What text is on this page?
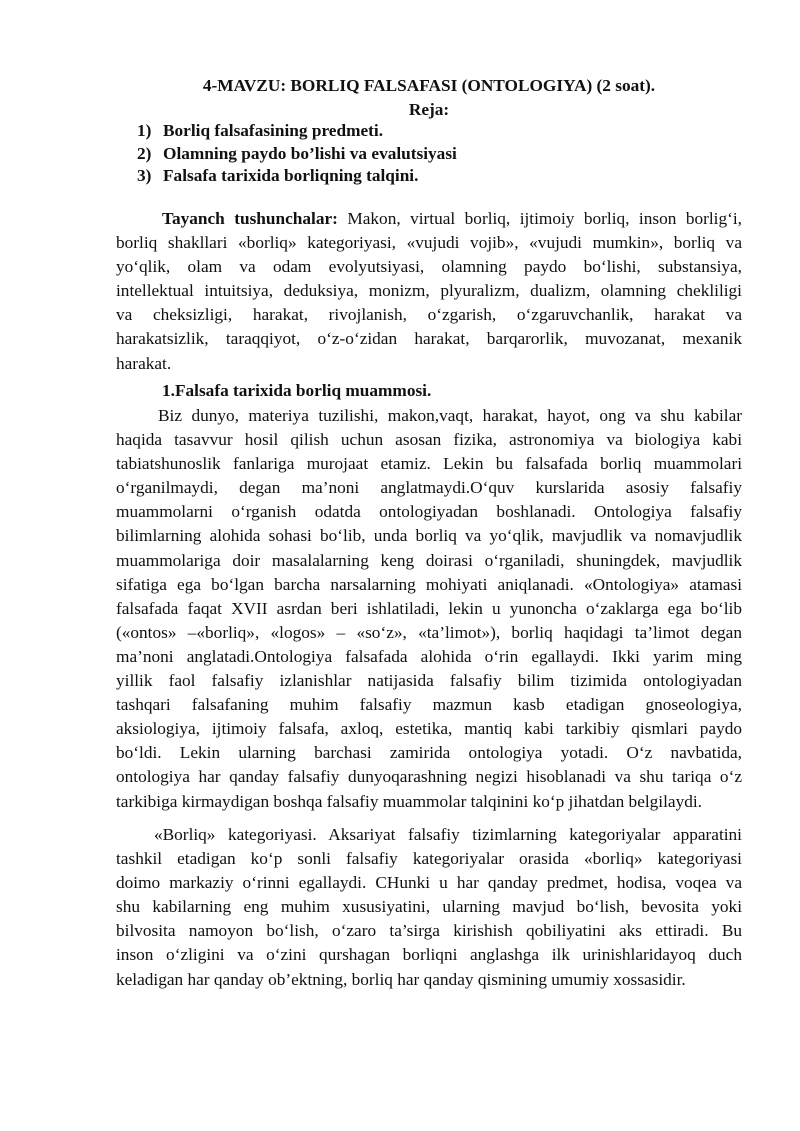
4-MAVZU: BORLIQ FALSAFASI (ONTOLOGIYA) (2 soat).
Reja:
1) Borliq falsafasining predmeti.
2) Olamning paydo bo’lishi va evalutsiyasi
3) Falsafa tarixida borliqning talqini.
Tayanch tushunchalar: Makon, virtual borliq, ijtimoiy borliq, inson borlig‘i,
borliq shakllari «borliq» kategoriyasi, «vujudi vojib», «vujudi mumkin», borliq va
yo‘qlik, olam va odam evolyutsiyasi, olamning paydo bo‘lishi, substansiya,
intellektual intuitsiya, deduksiya, monizm, plyuralizm, dualizm, olamning chekliligi
va cheksizligi, harakat, rivojlanish, o‘zgarish, o‘zgaruvchanlik, harakat va
harakatsizlik, taraqqiyot, o‘z-o‘zidan harakat, barqarorlik, muvozanat, mexanik
harakat.
1.Falsafa tarixida borliq muammosi.
Biz dunyo, materiya tuzilishi, makon,vaqt, harakat, hayot, ong va shu kabilar
haqida tasavvur hosil qilish uchun asosan fizika, astronomiya va biologiya kabi
tabiatshunoslik fanlariga murojaat etamiz. Lekin bu falsafada borliq muammolari
o‘rganilmaydi, degan ma’noni anglatmaydi.O‘quv kurslarida asosiy falsafiy
muammolarni o‘rganish odatda ontologiyadan boshlanadi. Ontologiya falsafiy
bilimlarning alohida sohasi bo‘lib, unda borliq va yo‘qlik, mavjudlik va nomavjudlik
muammolariga doir masalalarning keng doirasi o‘rganiladi, shuningdek, mavjudlik
sifatiga ega bo‘lgan barcha narsalarning mohiyati aniqlanadi. «Ontologiya» atamasi
falsafada faqat XVII asrdan beri ishlatiladi, lekin u yunoncha o‘zaklarga ega bo‘lib
(«ontos» –«borliq», «logos» – «so‘z», «ta’limot»), borliq haqidagi ta’limot degan
ma’noni anglatadi.Ontologiya falsafada alohida o‘rin egallaydi. Ikki yarim ming
yillik faol falsafiy izlanishlar natijasida falsafiy bilim tizimida ontologiyadan
tashqari falsafaning muhim falsafiy mazmun kasb etadigan gnoseologiya,
aksiologiya, ijtimoiy falsafa, axloq, estetika, mantiq kabi tarkibiy qismlari paydo
bo‘ldi. Lekin ularning barchasi zamirida ontologiya yotadi. O‘z navbatida,
ontologiya har qanday falsafiy dunyoqarashning negizi hisoblanadi va shu tariqa o‘z
tarkibiga kirmaydigan boshqa falsafiy muammolar talqinini ko‘p jihatdan belgilaydi.
«Borliq» kategoriyasi. Aksariyat falsafiy tizimlarning kategoriyalar apparatini
tashkil etadigan ko‘p sonli falsafiy kategoriyalar orasida «borliq» kategoriyasi
doimo markaziy o‘rinni egallaydi. CHunki u har qanday predmet, hodisa, voqea va
shu kabilarning eng muhim xususiyatini, ularning mavjud bo‘lish, bevosita yoki
bilvosita namoyon bo‘lish, o‘zaro ta’sirga kirishish qobiliyatini aks ettiradi. Bu
inson o‘zligini va o‘zini qurshagan borliqni anglashga ilk urinishlaridayoq duch
keladigan har qanday ob’ektning, borliq har qanday qismining umumiy xossasidir.
